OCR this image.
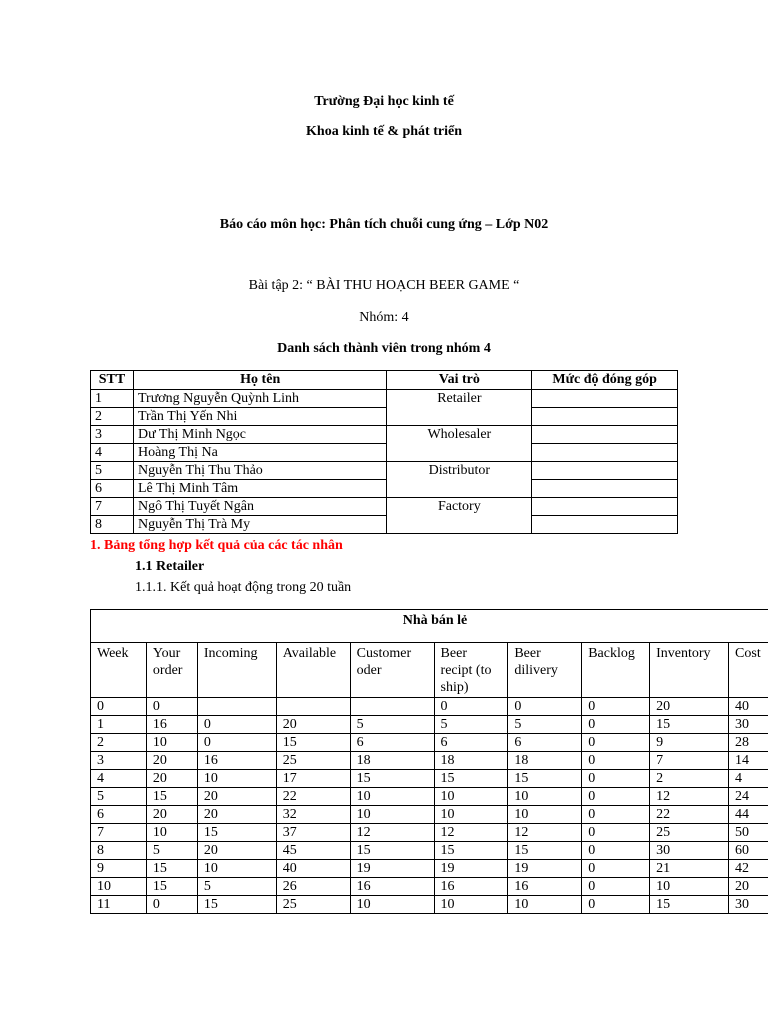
Trường Đại học kinh tế
Khoa kinh tế & phát triển
Báo cáo môn học: Phân tích chuỗi cung ứng – Lớp N02
Bài tập 2: “ BÀI THU HOẠCH BEER GAME “
Nhóm: 4
Danh sách thành viên trong nhóm 4
STT	Họ tên	Vai trò	Mức độ đóng góp
1	Trương Nguyễn Quỳnh Linh	Retailer	
2	Trần Thị Yến Nhi		
3	Dư Thị Minh Ngọc	Wholesaler	
4	Hoàng Thị Na		
5	Nguyễn Thị Thu Thảo	Distributor	
6	Lê Thị Minh Tâm		
7	Ngô Thị Tuyết Ngân	Factory	
8	Nguyễn Thị Trà My		
1. Bảng tổng hợp kết quả của các tác nhân
1.1 Retailer
1.1.1. Kết quả hoạt động trong 20 tuần
Nhà bán lẻ									
Week	Your order	Incoming	Available	Customer oder	Beer recipt (to ship)	Beer dilivery	Backlog	Inventory	Cost
0	0				0	0	0	20	40
1	16	0	20	5	5	5	0	15	30
2	10	0	15	6	6	6	0	9	28
3	20	16	25	18	18	18	0	7	14
4	20	10	17	15	15	15	0	2	4
5	15	20	22	10	10	10	0	12	24
6	20	20	32	10	10	10	0	22	44
7	10	15	37	12	12	12	0	25	50
8	5	20	45	15	15	15	0	30	60
9	15	10	40	19	19	19	0	21	42
10	15	5	26	16	16	16	0	10	20
11	0	15	25	10	10	10	0	15	30
